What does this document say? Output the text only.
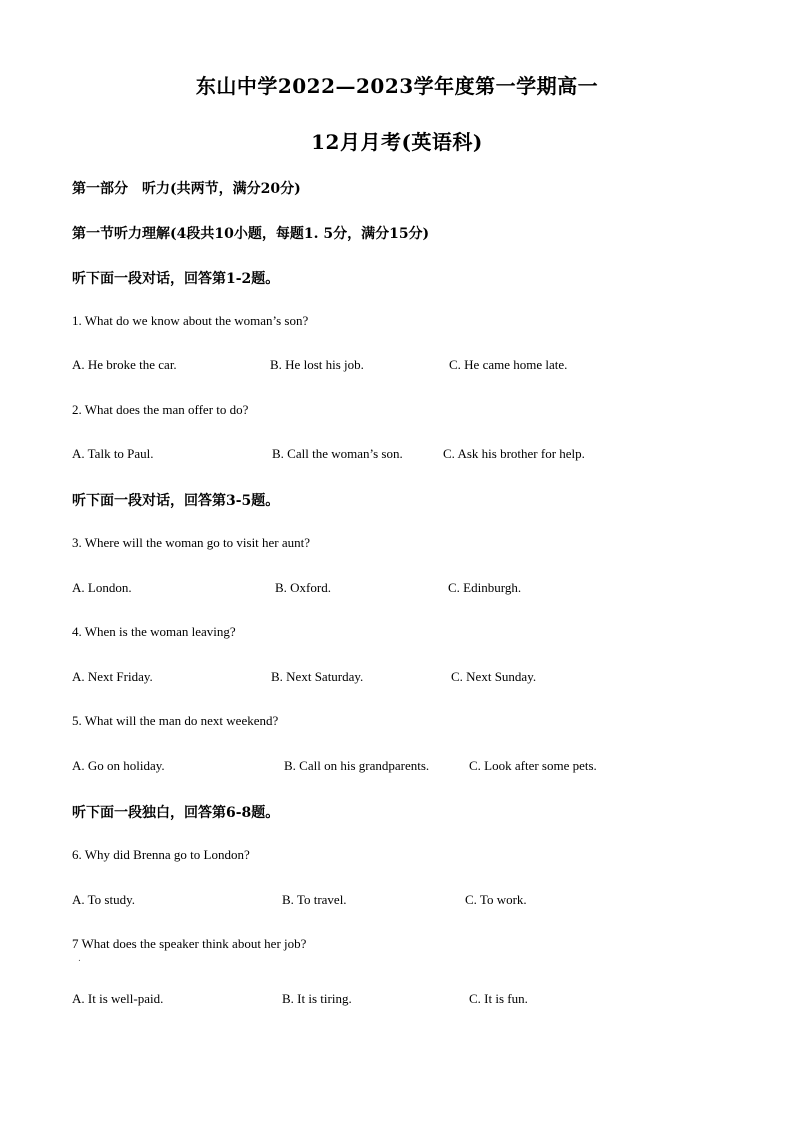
东山中学2022—2023学年度第一学期高一
12月月考(英语科)
第一部分　听力(共两节，满分20分)
第一节听力理解(4段共10小题，每题1. 5分，满分15分)
听下面一段对话，回答第1-2题。
1. What do we know about the woman’s son?
A. He broke the car.	B. He lost his job.	C. He came home late.
2. What does the man offer to do?
A. Talk to Paul.	B. Call the woman’s son.	C. Ask his brother for help.
听下面一段对话，回答第3-5题。
3. Where will the woman go to visit her aunt?
A. London.	B. Oxford.	C. Edinburgh.
4. When is the woman leaving?
A. Next Friday.	B. Next Saturday.	C. Next Sunday.
5. What will the man do next weekend?
A. Go on holiday.	B. Call on his grandparents.	C. Look after some pets.
听下面一段独白，回答第6-8题。
6. Why did Brenna go to London?
A. To study.	B. To travel.	C. To work.
7 What does the speaker think about her job?
.
A. It is well-paid.	B. It is tiring.	C. It is fun.
